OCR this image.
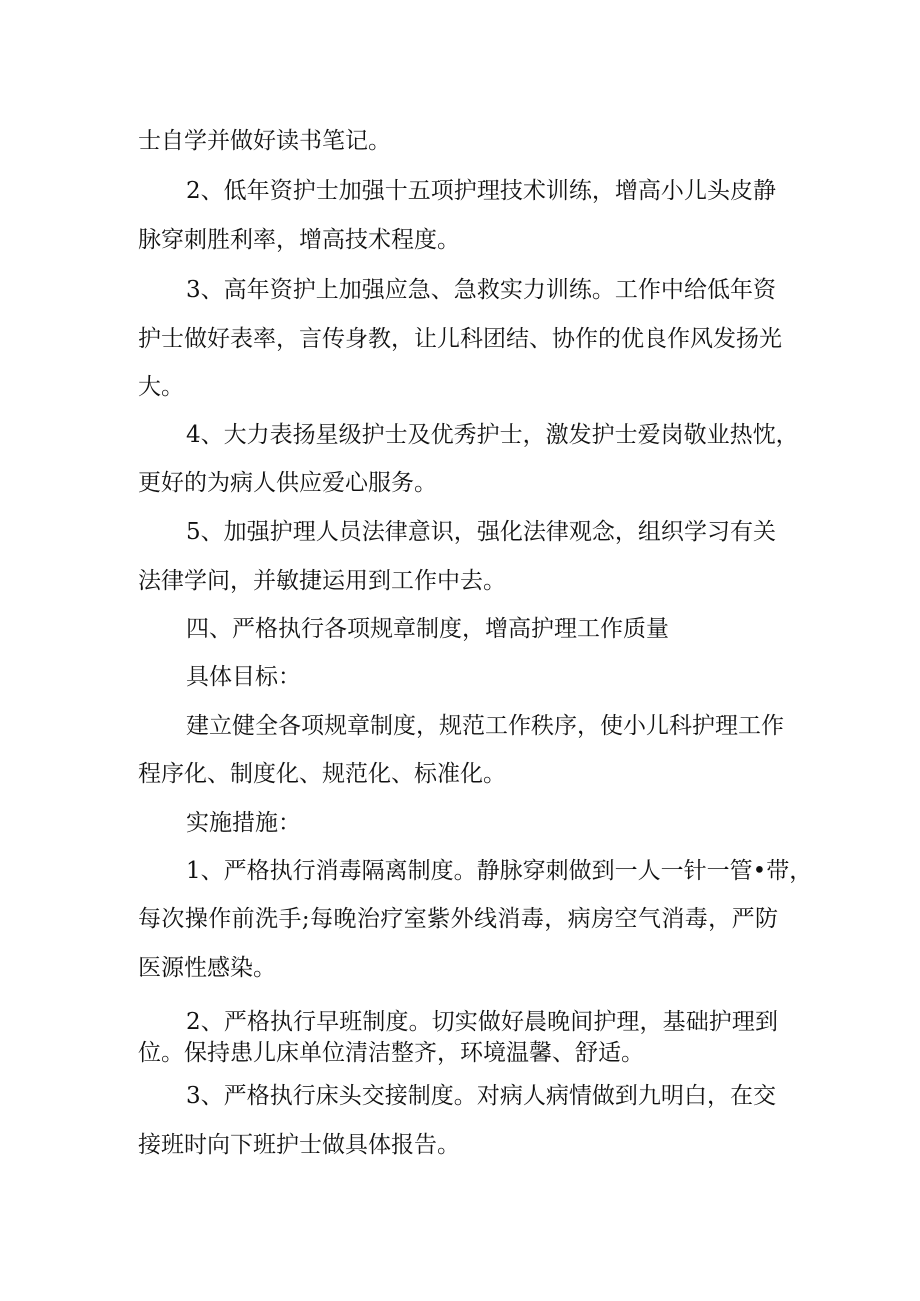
士自学并做好读书笔记。
2、低年资护士加强十五项护理技术训练，增高小儿头皮静
脉穿刺胜利率，增高技术程度。
3、高年资护上加强应急、急救实力训练。工作中给低年资
护士做好表率，言传身教，让儿科团结、协作的优良作风发扬光
大。
4、大力表扬星级护士及优秀护士，激发护士爱岗敬业热忱，
更好的为病人供应爱心服务。
5、加强护理人员法律意识，强化法律观念，组织学习有关
法律学问，并敏捷运用到工作中去。
四、严格执行各项规章制度，增高护理工作质量
具体目标：
建立健全各项规章制度，规范工作秩序，使小儿科护理工作
程序化、制度化、规范化、标准化。
实施措施：
1、严格执行消毒隔离制度。静脉穿刺做到一人一针一管•带，
每次操作前洗手;每晚治疗室紫外线消毒，病房空气消毒，严防
医源性感染。
2、严格执行早班制度。切实做好晨晚间护理，基础护理到
位。保持患儿床单位清洁整齐，环境温馨、舒适。
3、严格执行床头交接制度。对病人病情做到九明白，在交
接班时向下班护士做具体报告。
